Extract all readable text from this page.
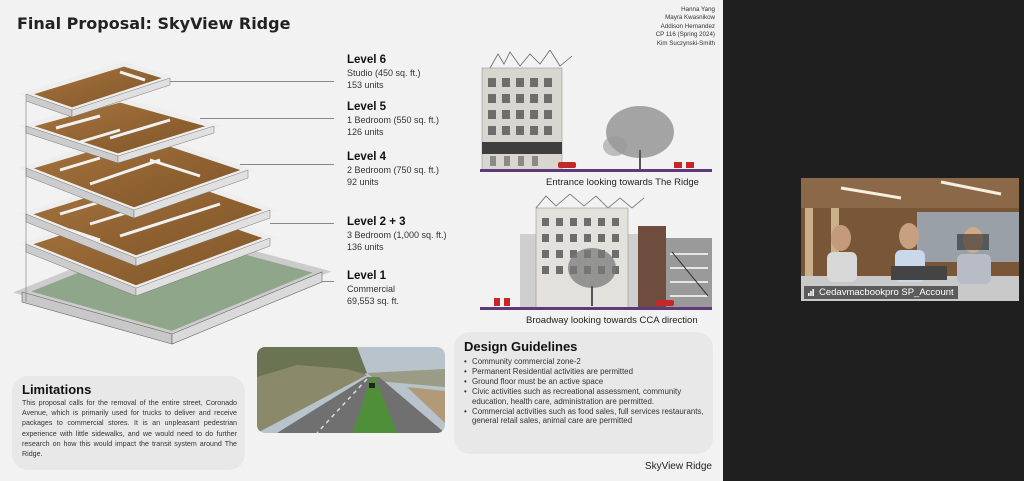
Final Proposal: SkyView Ridge
Hanna Yang
Mayra Kwasnikow
Addison Hernandez
CP 116 (Spring 2024)
Kim Suczynski-Smith
Level 6
Studio (450 sq. ft.)
153 units
Level 5
1 Bedroom (550 sq. ft.)
126 units
Level 4
2 Bedroom (750 sq. ft.)
92 units
Level 2 + 3
3 Bedroom (1,000 sq. ft.)
136 units
Level 1
Commercial
69,553 sq. ft.
Entrance looking towards The Ridge
Broadway looking towards CCA direction
Limitations
This proposal calls for the removal of the entire street, Coronado Avenue, which is primarily used for trucks to deliver and receive packages to commercial stores. It is an unpleasant pedestrian experience with little sidewalks, and we would need to do further research on how this would impact the transit system around The Ridge.
Design Guidelines
• Community commercial zone-2
• Permanent Residential activities are permitted
• Ground floor must be an active space
• Civic activities such as recreational assessment, community education, health care, administration are permitted.
• Commercial activities such as food sales, full services restaurants, general retail sales, animal care are permitted
SkyView Ridge
Cedavmacbookpro SP_Account
